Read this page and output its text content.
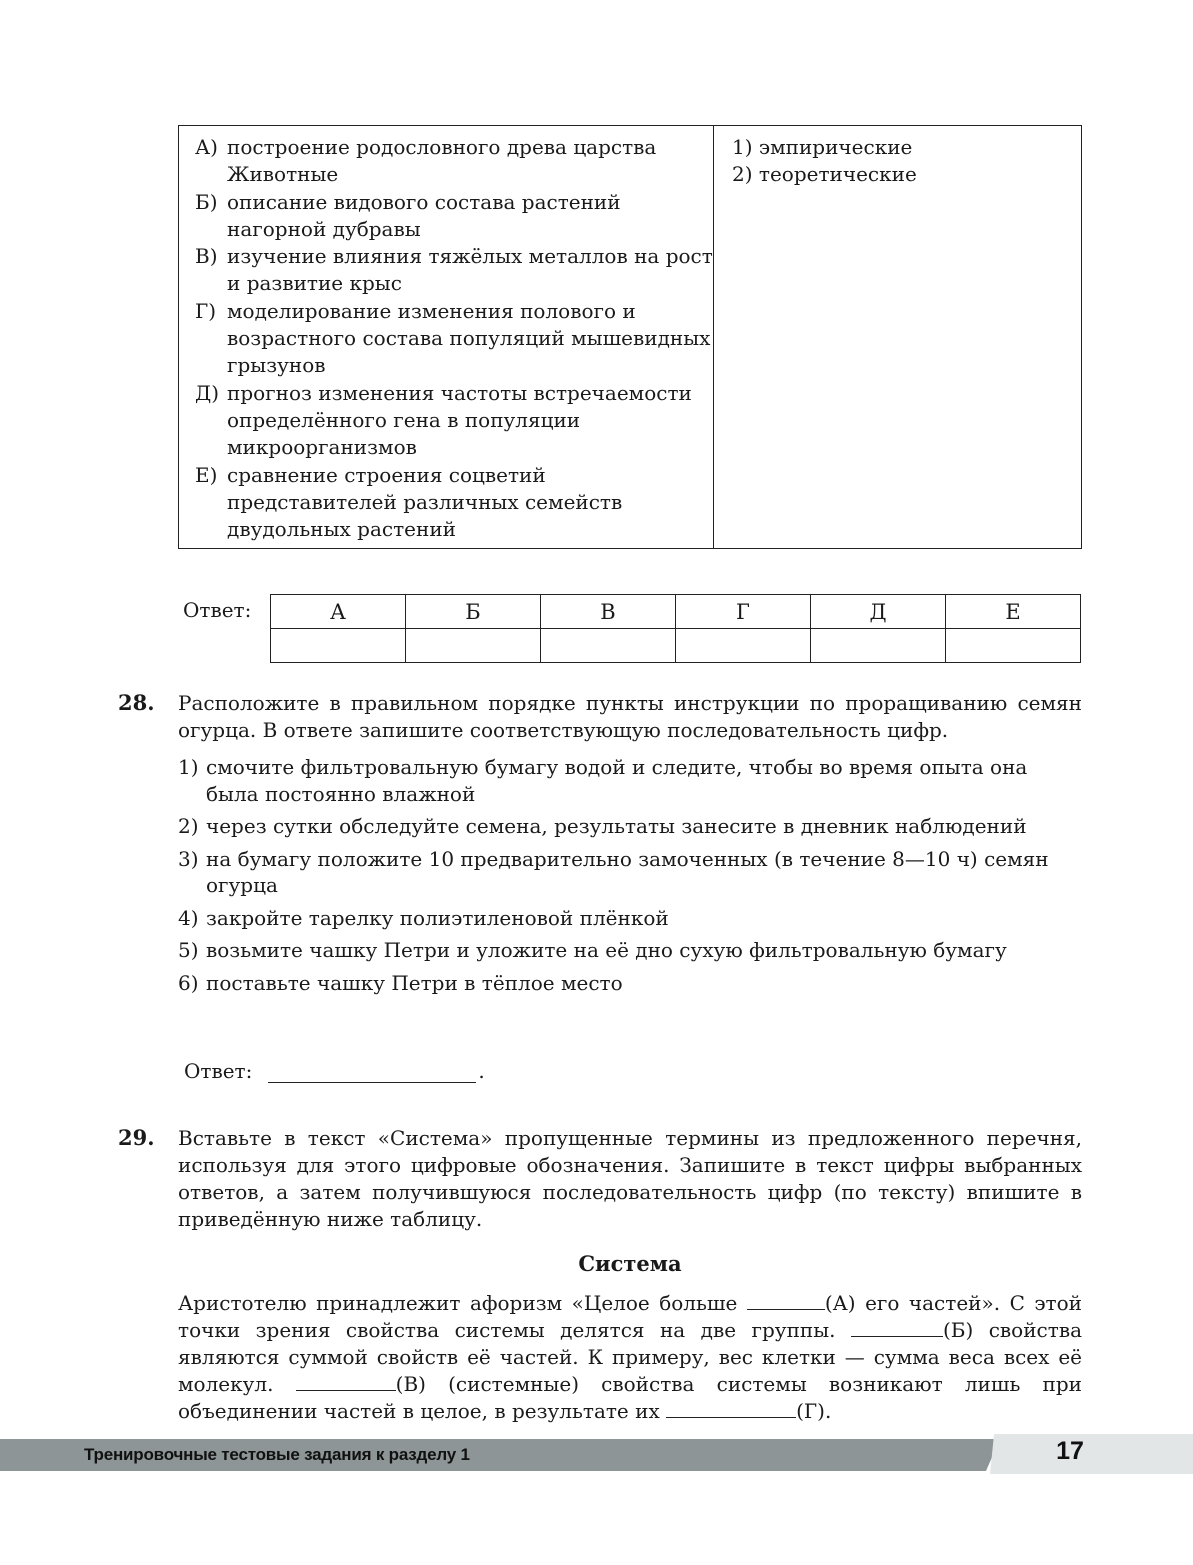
А) построение родословного древа царства Животные
Б) описание видового состава растений нагорной дубравы
В) изучение влияния тяжёлых металлов на рост и развитие крыс
Г) моделирование изменения полового и возрастного состава популяций мышевидных грызунов
Д) прогноз изменения частоты встречаемости определённого гена в популяции микроорганизмов
Е) сравнение строения соцветий представителей различных семейств двудольных растений
1) эмпирические
2) теоретические
Ответ:	А	Б	В	Г	Д	Е

28. Расположите в правильном порядке пункты инструкции по проращиванию семян огурца. В ответе запишите соответствующую последовательность цифр.
1) смочите фильтровальную бумагу водой и следите, чтобы во время опыта она была постоянно влажной
2) через сутки обследуйте семена, результаты занесите в дневник наблюдений
3) на бумагу положите 10 предварительно замоченных (в течение 8—10 ч) семян огурца
4) закройте тарелку полиэтиленовой плёнкой
5) возьмите чашку Петри и уложите на её дно сухую фильтровальную бумагу
6) поставьте чашку Петри в тёплое место
Ответ:	.
29. Вставьте в текст «Система» пропущенные термины из предложенного перечня, используя для этого цифровые обозначения. Запишите в текст цифры выбранных ответов, а затем получившуюся последовательность цифр (по тексту) впишите в приведённую ниже таблицу.
Система
Аристотелю принадлежит афоризм «Целое больше	(А) его частей». С этой точки зрения свойства системы делятся на две группы.	(Б) свойства являются суммой свойств её частей. К примеру, вес клетки — сумма веса всех её молекул.	(В) (системные) свойства системы возникают лишь при объединении частей в целое, в результате их	(Г).
Тренировочные тестовые задания к разделу 1	17
